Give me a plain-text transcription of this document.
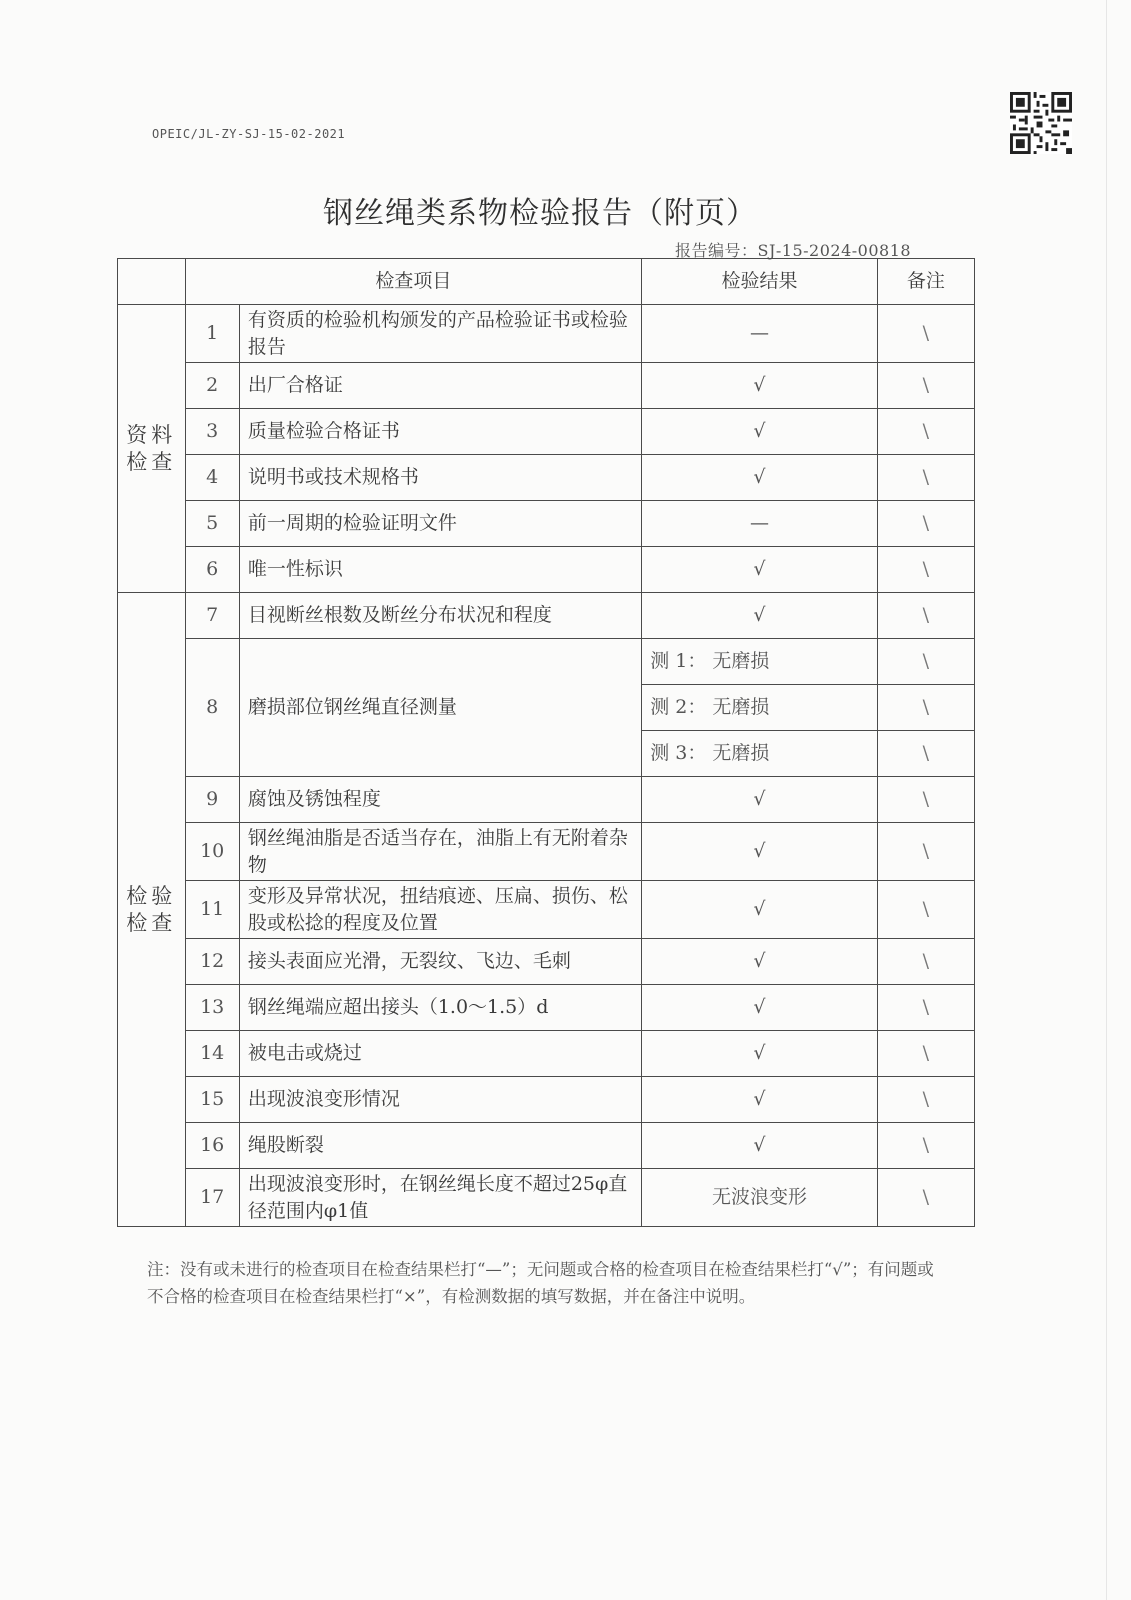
OPEIC/JL-ZY-SJ-15-02-2021
钢丝绳类系物检验报告（附页）
报告编号：SJ-15-2024-00818
	检查项目		检验结果	备注
资料
检查	1	有资质的检验机构颁发的产品检验证书或检验报告	—	\
	2	出厂合格证	√	\
	3	质量检验合格证书	√	\
	4	说明书或技术规格书	√	\
	5	前一周期的检验证明文件	—	\
	6	唯一性标识	√	\
检验
检查	7	目视断丝根数及断丝分布状况和程度	√	\
	8	磨损部位钢丝绳直径测量	测 1： 无磨损	\
			测 2： 无磨损	\
			测 3： 无磨损	\
	9	腐蚀及锈蚀程度	√	\
	10	钢丝绳油脂是否适当存在，油脂上有无附着杂物	√	\
	11	变形及异常状况，扭结痕迹、压扁、损伤、松股或松捻的程度及位置	√	\
	12	接头表面应光滑，无裂纹、飞边、毛刺	√	\
	13	钢丝绳端应超出接头（1.0～1.5）d	√	\
	14	被电击或烧过	√	\
	15	出现波浪变形情况	√	\
	16	绳股断裂	√	\
	17	出现波浪变形时，在钢丝绳长度不超过25φ直径范围内φ1值	无波浪变形	\
注：没有或未进行的检查项目在检查结果栏打“—”；无问题或合格的检查项目在检查结果栏打“√”；有问题或不合格的检查项目在检查结果栏打“×”，有检测数据的填写数据，并在备注中说明。
